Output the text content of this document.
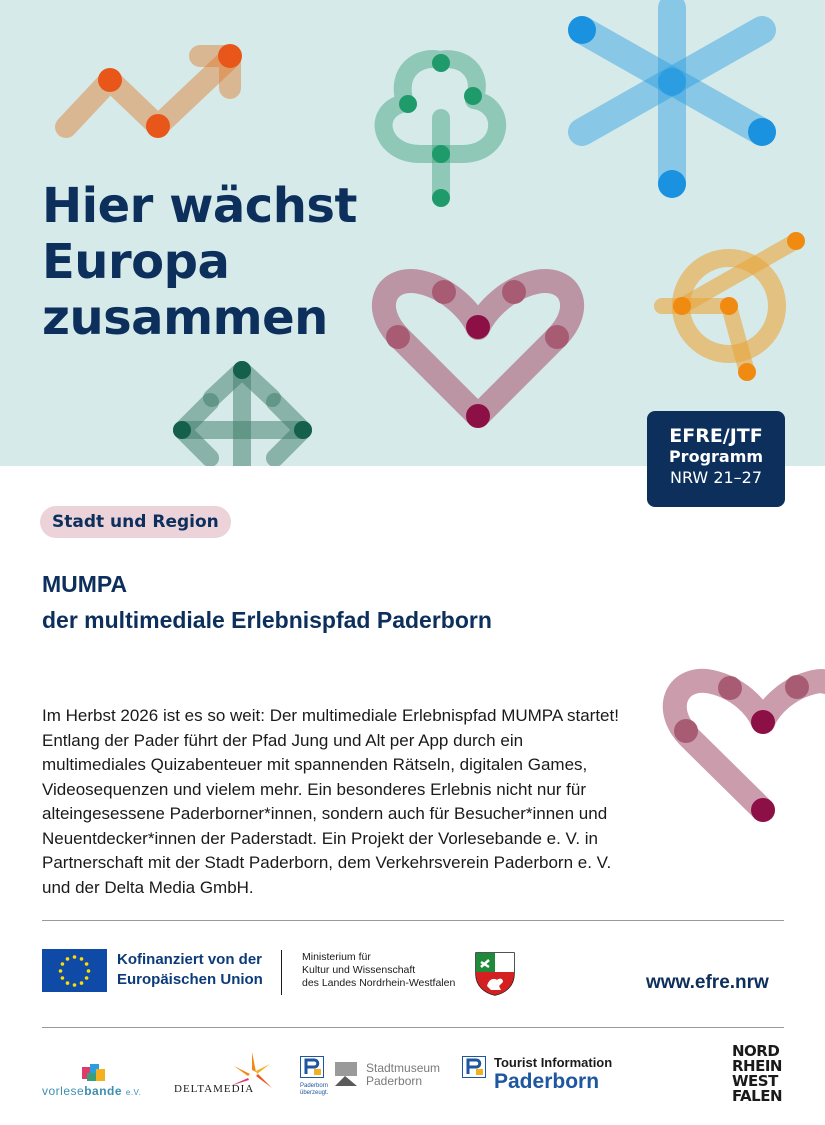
Hier wächst
Europa
zusammen
EFRE/JTF
Programm
NRW 21–27
Stadt und Region
MUMPA
der multimediale Erlebnispfad Paderborn
Im Herbst 2026 ist es so weit: Der multimediale Erlebnispfad MUMPA startet!
Entlang der Pader führt der Pfad Jung und Alt per App durch ein
multimediales Quizabenteuer mit spannenden Rätseln, digitalen Games,
Videosequenzen und vielem mehr. Ein besonderes Erlebnis nicht nur für
alteingesessene Paderborner*innen, sondern auch für Besucher*innen und
Neuentdecker*innen der Paderstadt. Ein Projekt der Vorlesebande e. V. in
Partnerschaft mit der Stadt Paderborn, dem Verkehrsverein Paderborn e. V.
und der Delta Media GmbH.
Kofinanziert von der
Europäischen Union
Ministerium für
Kultur und Wissenschaft
des Landes Nordrhein-Westfalen	www.efre.nrw
vorlesebande e.V.	DELTAMEDIA	Paderborn überzeugt.
Stadtmuseum
Paderborn
Tourist Information
Paderborn
NORD
RHEIN
WEST
FALEN
